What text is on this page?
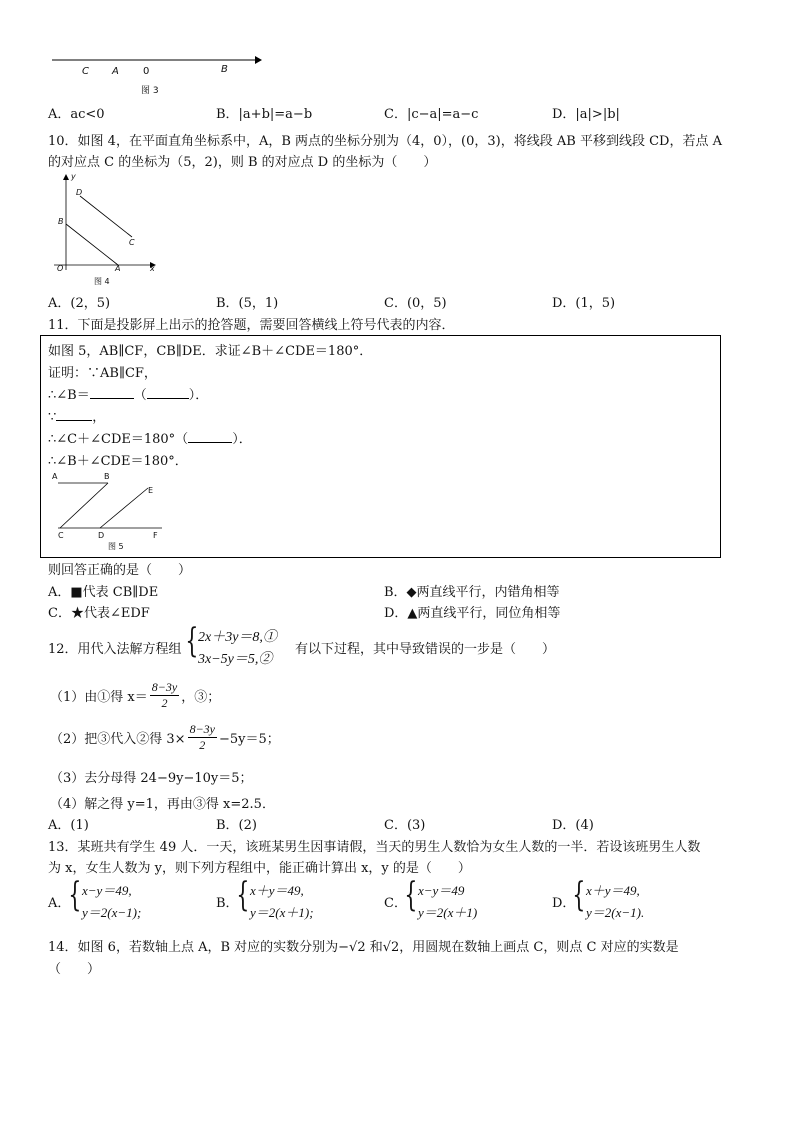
C A 0	B
图 3
A．ac<0	B．|a+b|=a−b	C．|c−a|=a−c	D．|a|>|b|
10．如图 4，在平面直角坐标系中，A，B 两点的坐标分别为（4，0），(0，3)，将线段 AB 平移到线段 CD，若点 A
的对应点 C 的坐标为（5，2)，则 B 的对应点 D 的坐标为（　　）
y
D
B
C
O	A	x
图 4
A．(2，5)	B．(5，1)	C．(0，5)	D．(1，5)
11．下面是投影屏上出示的抢答题，需要回答横线上符号代表的内容．
如图 5，AB∥CF，CB∥DE．求证∠B＋∠CDE＝180°．
证明：∵AB∥CF，
∴∠B＝	（	）．
∵	，
∴∠C＋∠CDE＝180°（	）．
∴∠B＋∠CDE＝180°．
A	B
E
C	D	F
图 5
则回答正确的是（　　）
A．■代表 CB∥DE	B．◆两直线平行，内错角相等
C．★代表∠EDF	D．▲两直线平行，同位角相等
12．用代入法解方程组 { 2x＋3y＝8,①
3x−5y＝5,②
有以下过程，其中导致错误的一步是（　　）
（1）由①得 $x= \frac{8-3y}{2}$ ，③；
（2）把③代入②得 $3\times \frac{8-3y}{2} -5y=5$；
（3）去分母得 24−9y−10y＝5；
（4）解之得 y=1，再由③得 x=2.5．
A．(1)	B．(2)	C．(3)	D．(4)
13．某班共有学生 49 人．一天，该班某男生因事请假，当天的男生人数恰为女生人数的一半．若设该班男生人数
为 x，女生人数为 y，则下列方程组中，能正确计算出 x，y 的是（　　）
A．
{ x−y＝49,
y＝2(x−1);
B．
{ x＋y＝49,
y＝2(x＋1);
C．
{ x−y＝49
y＝2(x＋1)
D．
{ x＋y＝49,
y＝2(x−1).
14．如图 6，若数轴上点 A，B 对应的实数分别为−√2 和√2，用圆规在数轴上画点 C，则点 C 对应的实数是
（　　）
